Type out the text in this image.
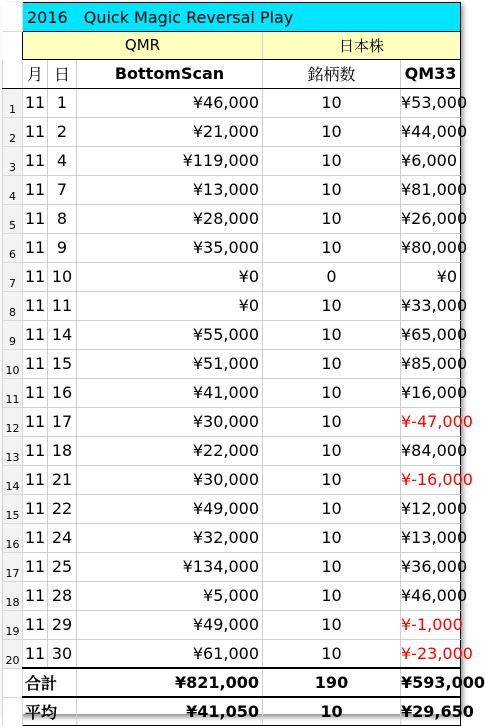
	2016　Quick Magic Reversal Play					
	QMR			日本株		
	月	日	BottomScan	銘柄数	QM33	
1	11	1	¥46,000	10	¥53,000	

2	11	2	¥21,000	10	¥44,000	

3	11	4	¥119,000	10	¥6,000	

4	11	7	¥13,000	10	¥81,000	

5	11	8	¥28,000	10	¥26,000	

6	11	9	¥35,000	10	¥80,000	

7	11	10	¥0	0	¥0	
8	11	11	¥0	10	¥33,000	
9	11	14	¥55,000	10	¥65,000	

10	11	15	¥51,000	10	¥85,000	

11	11	16	¥41,000	10	¥16,000	

12	11	17	¥30,000	10	¥-47,000	
13	11	18	¥22,000	10	¥84,000	

14	11	21	¥30,000	10	¥-16,000	
15	11	22	¥49,000	10	¥12,000	

16	11	24	¥32,000	10	¥13,000	

17	11	25	¥134,000	10	¥36,000	

18	11	28	¥5,000	10	¥46,000	

19	11	29	¥49,000	10	¥-1,000	
20	11	30	¥61,000	10	¥-23,000	
	合計		¥821,000	190	¥593,000	
	平均		¥41,050	10	¥29,650	
